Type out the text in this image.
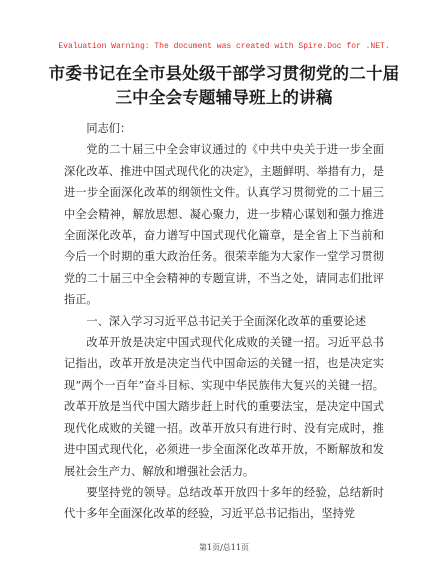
Evaluation Warning: The document was created with Spire.Doc for .NET.
市委书记在全市县处级干部学习贯彻党的二十届三中全会专题辅导班上的讲稿

同志们：

党的二十届三中全会审议通过的《中共中央关于进一步全面深化改革、推进中国式现代化的决定》，主题鲜明、举措有力，是进一步全面深化改革的纲领性文件。认真学习贯彻党的二十届三中全会精神，解放思想、凝心聚力，进一步精心谋划和强力推进全面深化改革，奋力谱写中国式现代化篇章，是全省上下当前和今后一个时期的重大政治任务。很荣幸能为大家作一堂学习贯彻党的二十届三中全会精神的专题宣讲，不当之处，请同志们批评指正。

一、深入学习习近平总书记关于全面深化改革的重要论述

改革开放是决定中国式现代化成败的关键一招。习近平总书记指出，改革开放是决定当代中国命运的关键一招，也是决定实现“两个一百年”奋斗目标、实现中华民族伟大复兴的关键一招。改革开放是当代中国大踏步赶上时代的重要法宝，是决定中国式现代化成败的关键一招。改革开放只有进行时、没有完成时，推进中国式现代化，必须进一步全面深化改革开放，不断解放和发展社会生产力、解放和增强社会活力。

要坚持党的领导。总结改革开放四十多年的经验，总结新时代十多年全面深化改革的经验，习近平总书记指出，坚持党

第1页/总11页
